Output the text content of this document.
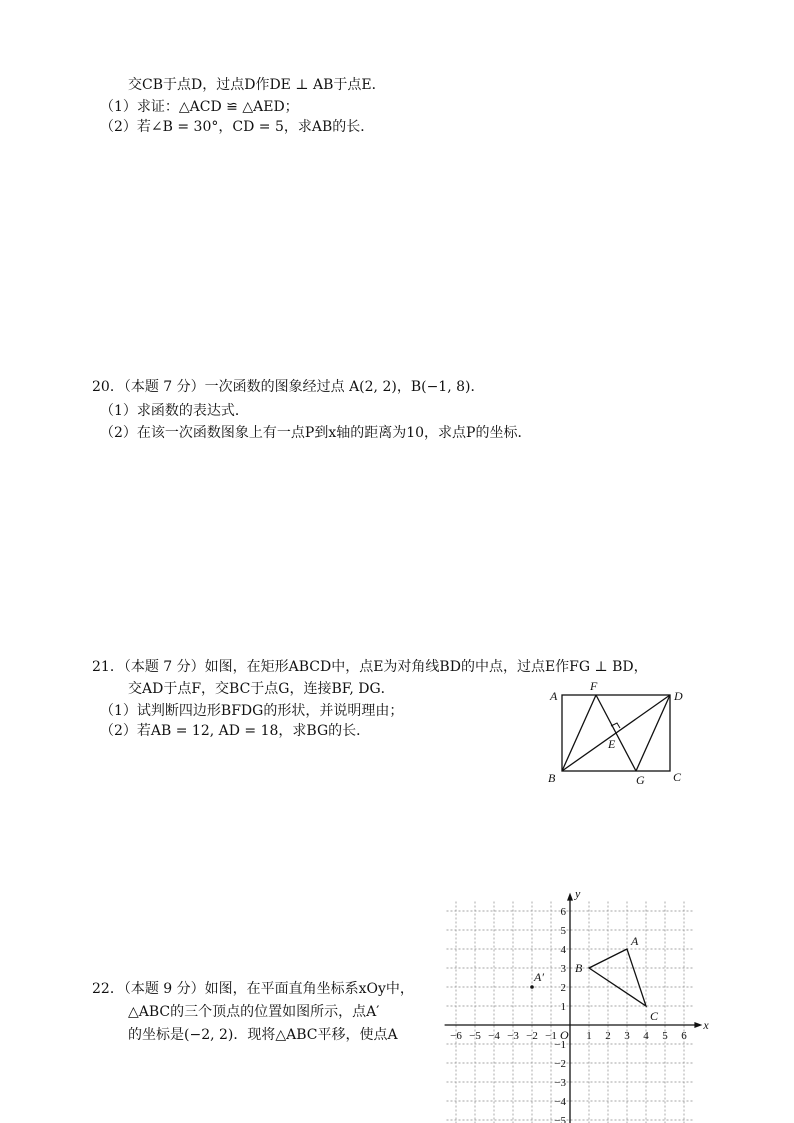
交CB于点D，过点D作DE ⊥ AB于点E．
（1）求证：△ACD ≌ △AED；
（2）若∠B = 30°，CD = 5，求AB的长．
20．（本题 7 分）一次函数的图象经过点 A(2, 2)，B(−1, 8)．
（1）求函数的表达式．
（2）在该一次函数图象上有一点P到x轴的距离为10，求点P的坐标．
21．（本题 7 分）如图，在矩形ABCD中，点E为对角线BD的中点，过点E作FG ⊥ BD，
交AD于点F，交BC于点G，连接BF, DG．
（1）试判断四边形BFDG的形状，并说明理由；
（2）若AB = 12, AD = 18，求BG的长．
A
F
D
E
B	G C
22．（本题 9 分）如图，在平面直角坐标系xOy中，
△ABC的三个顶点的位置如图所示，点A′
的坐标是(−2, 2)．现将△ABC平移，使点A
x
y
O
−6 −5 −4 −3 −2 −1	1 2 3 4 5 6
6
5
4
3
2
1
−1
−2
−3
−4
−5
A
B
C
A′
